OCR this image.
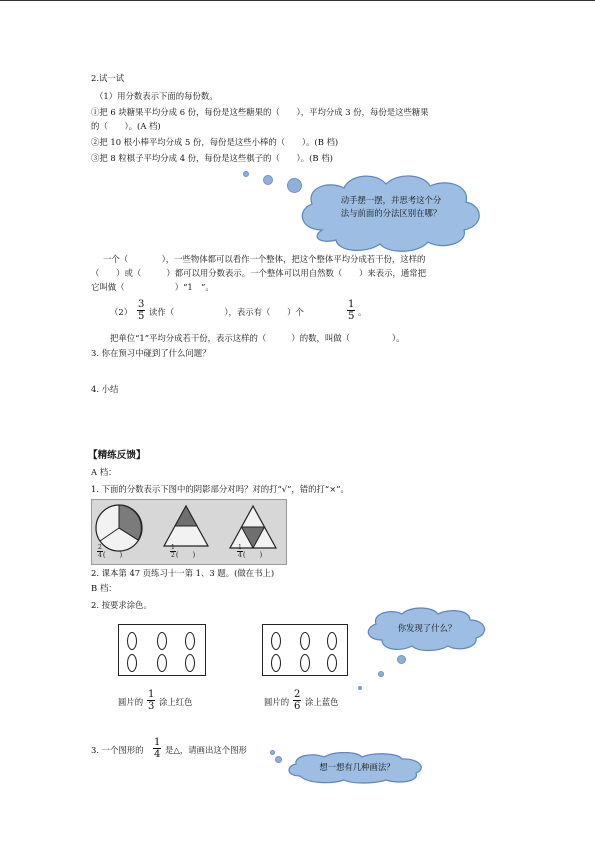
2.试一试
（1）用分数表示下面的每份数。
①把 6 块糖果平均分成 6 份，每份是这些糖果的（　　），平均分成 3 份，每份是这些糖果
的（　　）。(A 档)
②把 10 根小棒平均分成 5 份，每份是这些小棒的（　　）。(B 档)
③把 8 粒棋子平均分成 4 份，每份是这些棋子的（　　）。(B 档)
动手摆一摆，并思考这个分
法与前面的分法区别在哪？
一个（　　　　），一些物体都可以看作一个整体，把这个整体平均分成若干份，这样的
（　　）或（　　　）都可以用分数表示。一个整体可以用自然数（　　）来表示，通常把
它叫做（　　　　　　）“1　”。
$(2) \frac{3}{5}$ 读作（　　　　　　），表示有（　　）个	$\frac{1}{5}$ 。
把单位“1”平均分成若干份，表示这样的（　　　）的数，叫做（　　　　　）。
3. 你在预习中碰到了什么问题？
4. 小结
【精练反馈】
A 档：
1. 下面的分数表示下图中的阴影部分对吗？对的打“√”，错的打“×”。
$\frac{2}{4}$ (　　)	$\frac{1}{2}$ (　　)	$\frac{1}{4}$ (　　)
2. 课本第 47 页练习十一第 1、3 题。(做在书上)
B 档：
2. 按要求涂色。
你发现了什么？
圆片的 $\frac{1}{3}$ 涂上红色	圆片的 $\frac{2}{6}$ 涂上蓝色
3. 一个图形的 $\frac{1}{4}$ 是△，请画出这个图形
想一想有几种画法？
